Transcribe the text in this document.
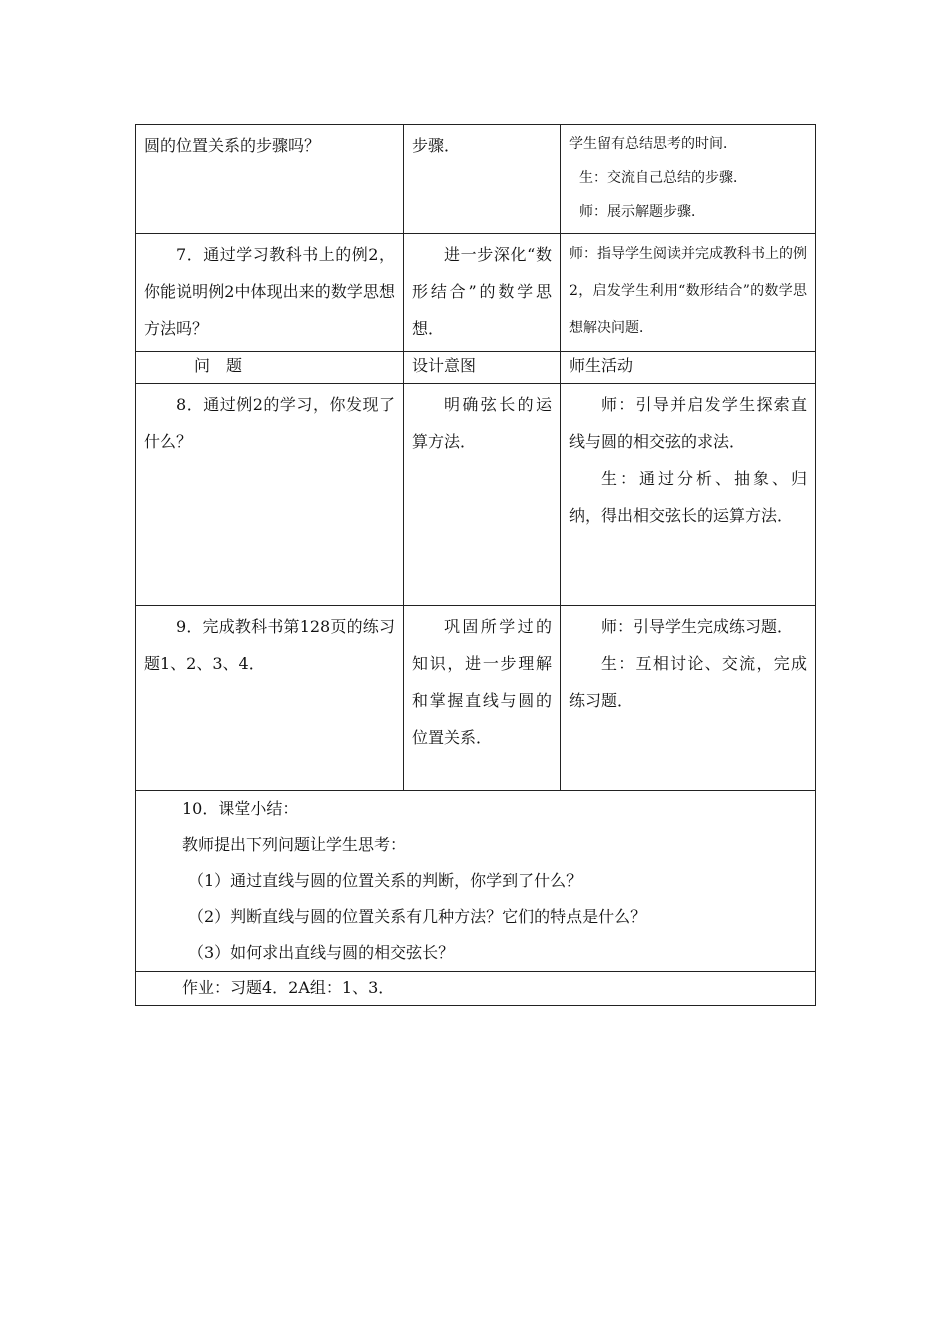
圆的位置关系的步骤吗？	步骤．	学生留有总结思考的时间．
生：交流自己总结的步骤．
师：展示解题步骤．

7．通过学习教科书上的例2，你能说明例2中体现出来的数学思想方法吗？	进一步深化“数形结合”的数学思想．	师：指导学生阅读并完成教科书上的例2，启发学生利用“数形结合”的数学思想解决问题．

问　题	设计意图	师生活动

8．通过例2的学习，你发现了什么？	明确弦长的运算方法．	师：引导并启发学生探索直线与圆的相交弦的求法．
生：通过分析、抽象、归纳，得出相交弦长的运算方法．

9．完成教科书第128页的练习题1、2、3、4．	巩固所学过的知识，进一步理解和掌握直线与圆的位置关系．	师：引导学生完成练习题．
生：互相讨论、交流，完成练习题．

10．课堂小结：
教师提出下列问题让学生思考：
（1）通过直线与圆的位置关系的判断，你学到了什么？
（2）判断直线与圆的位置关系有几种方法？它们的特点是什么？
（3）如何求出直线与圆的相交弦长？		

作业：习题4．2A组：1、3．		
